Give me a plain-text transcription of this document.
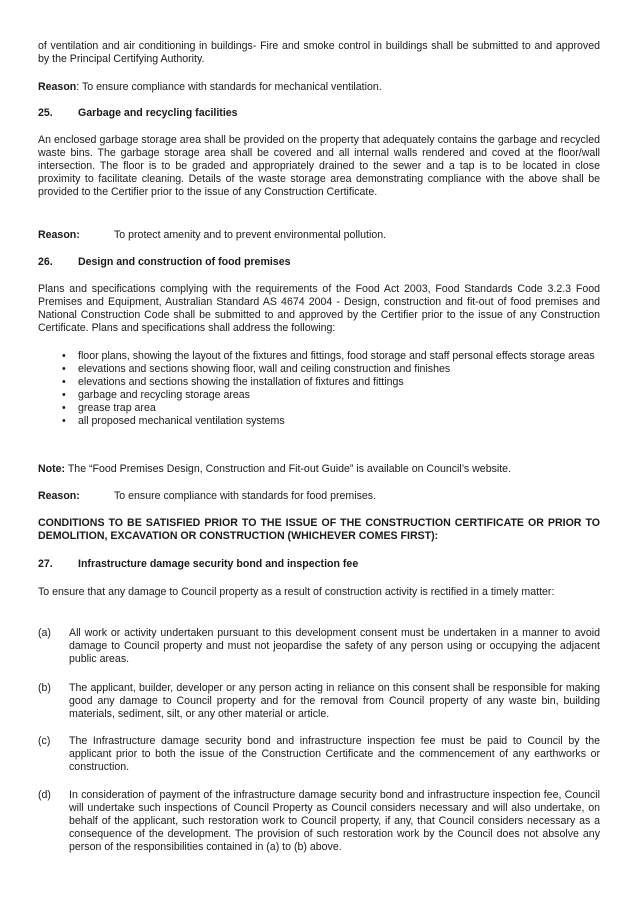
of ventilation and air conditioning in buildings- Fire and smoke control in buildings shall be submitted to and approved by the Principal Certifying Authority.

Reason: To ensure compliance with standards for mechanical ventilation.

25. Garbage and recycling facilities

An enclosed garbage storage area shall be provided on the property that adequately contains the garbage and recycled waste bins. The garbage storage area shall be covered and all internal walls rendered and coved at the floor/wall intersection. The floor is to be graded and appropriately drained to the sewer and a tap is to be located in close proximity to facilitate cleaning. Details of the waste storage area demonstrating compliance with the above shall be provided to the Certifier prior to the issue of any Construction Certificate.

Reason:	To protect amenity and to prevent environmental pollution.

26. Design and construction of food premises

Plans and specifications complying with the requirements of the Food Act 2003, Food Standards Code 3.2.3 Food Premises and Equipment, Australian Standard AS 4674 2004 - Design, construction and fit-out of food premises and National Construction Code shall be submitted to and approved by the Certifier prior to the issue of any Construction Certificate. Plans and specifications shall address the following:

• floor plans, showing the layout of the fixtures and fittings, food storage and staff personal effects storage areas
• elevations and sections showing floor, wall and ceiling construction and finishes
• elevations and sections showing the installation of fixtures and fittings
• garbage and recycling storage areas
• grease trap area
• all proposed mechanical ventilation systems

Note: The “Food Premises Design, Construction and Fit-out Guide” is available on Council’s website.

Reason:	To ensure compliance with standards for food premises.

CONDITIONS TO BE SATISFIED PRIOR TO THE ISSUE OF THE CONSTRUCTION CERTIFICATE OR PRIOR TO DEMOLITION, EXCAVATION OR CONSTRUCTION (WHICHEVER COMES FIRST):

27. Infrastructure damage security bond and inspection fee

To ensure that any damage to Council property as a result of construction activity is rectified in a timely matter:

(a)	All work or activity undertaken pursuant to this development consent must be undertaken in a manner to avoid damage to Council property and must not jeopardise the safety of any person using or occupying the adjacent public areas.
(b)	The applicant, builder, developer or any person acting in reliance on this consent shall be responsible for making good any damage to Council property and for the removal from Council property of any waste bin, building materials, sediment, silt, or any other material or article.
(c)	The Infrastructure damage security bond and infrastructure inspection fee must be paid to Council by the applicant prior to both the issue of the Construction Certificate and the commencement of any earthworks or construction.
(d)	In consideration of payment of the infrastructure damage security bond and infrastructure inspection fee, Council will undertake such inspections of Council Property as Council considers necessary and will also undertake, on behalf of the applicant, such restoration work to Council property, if any, that Council considers necessary as a consequence of the development. The provision of such restoration work by the Council does not absolve any person of the responsibilities contained in (a) to (b) above.
